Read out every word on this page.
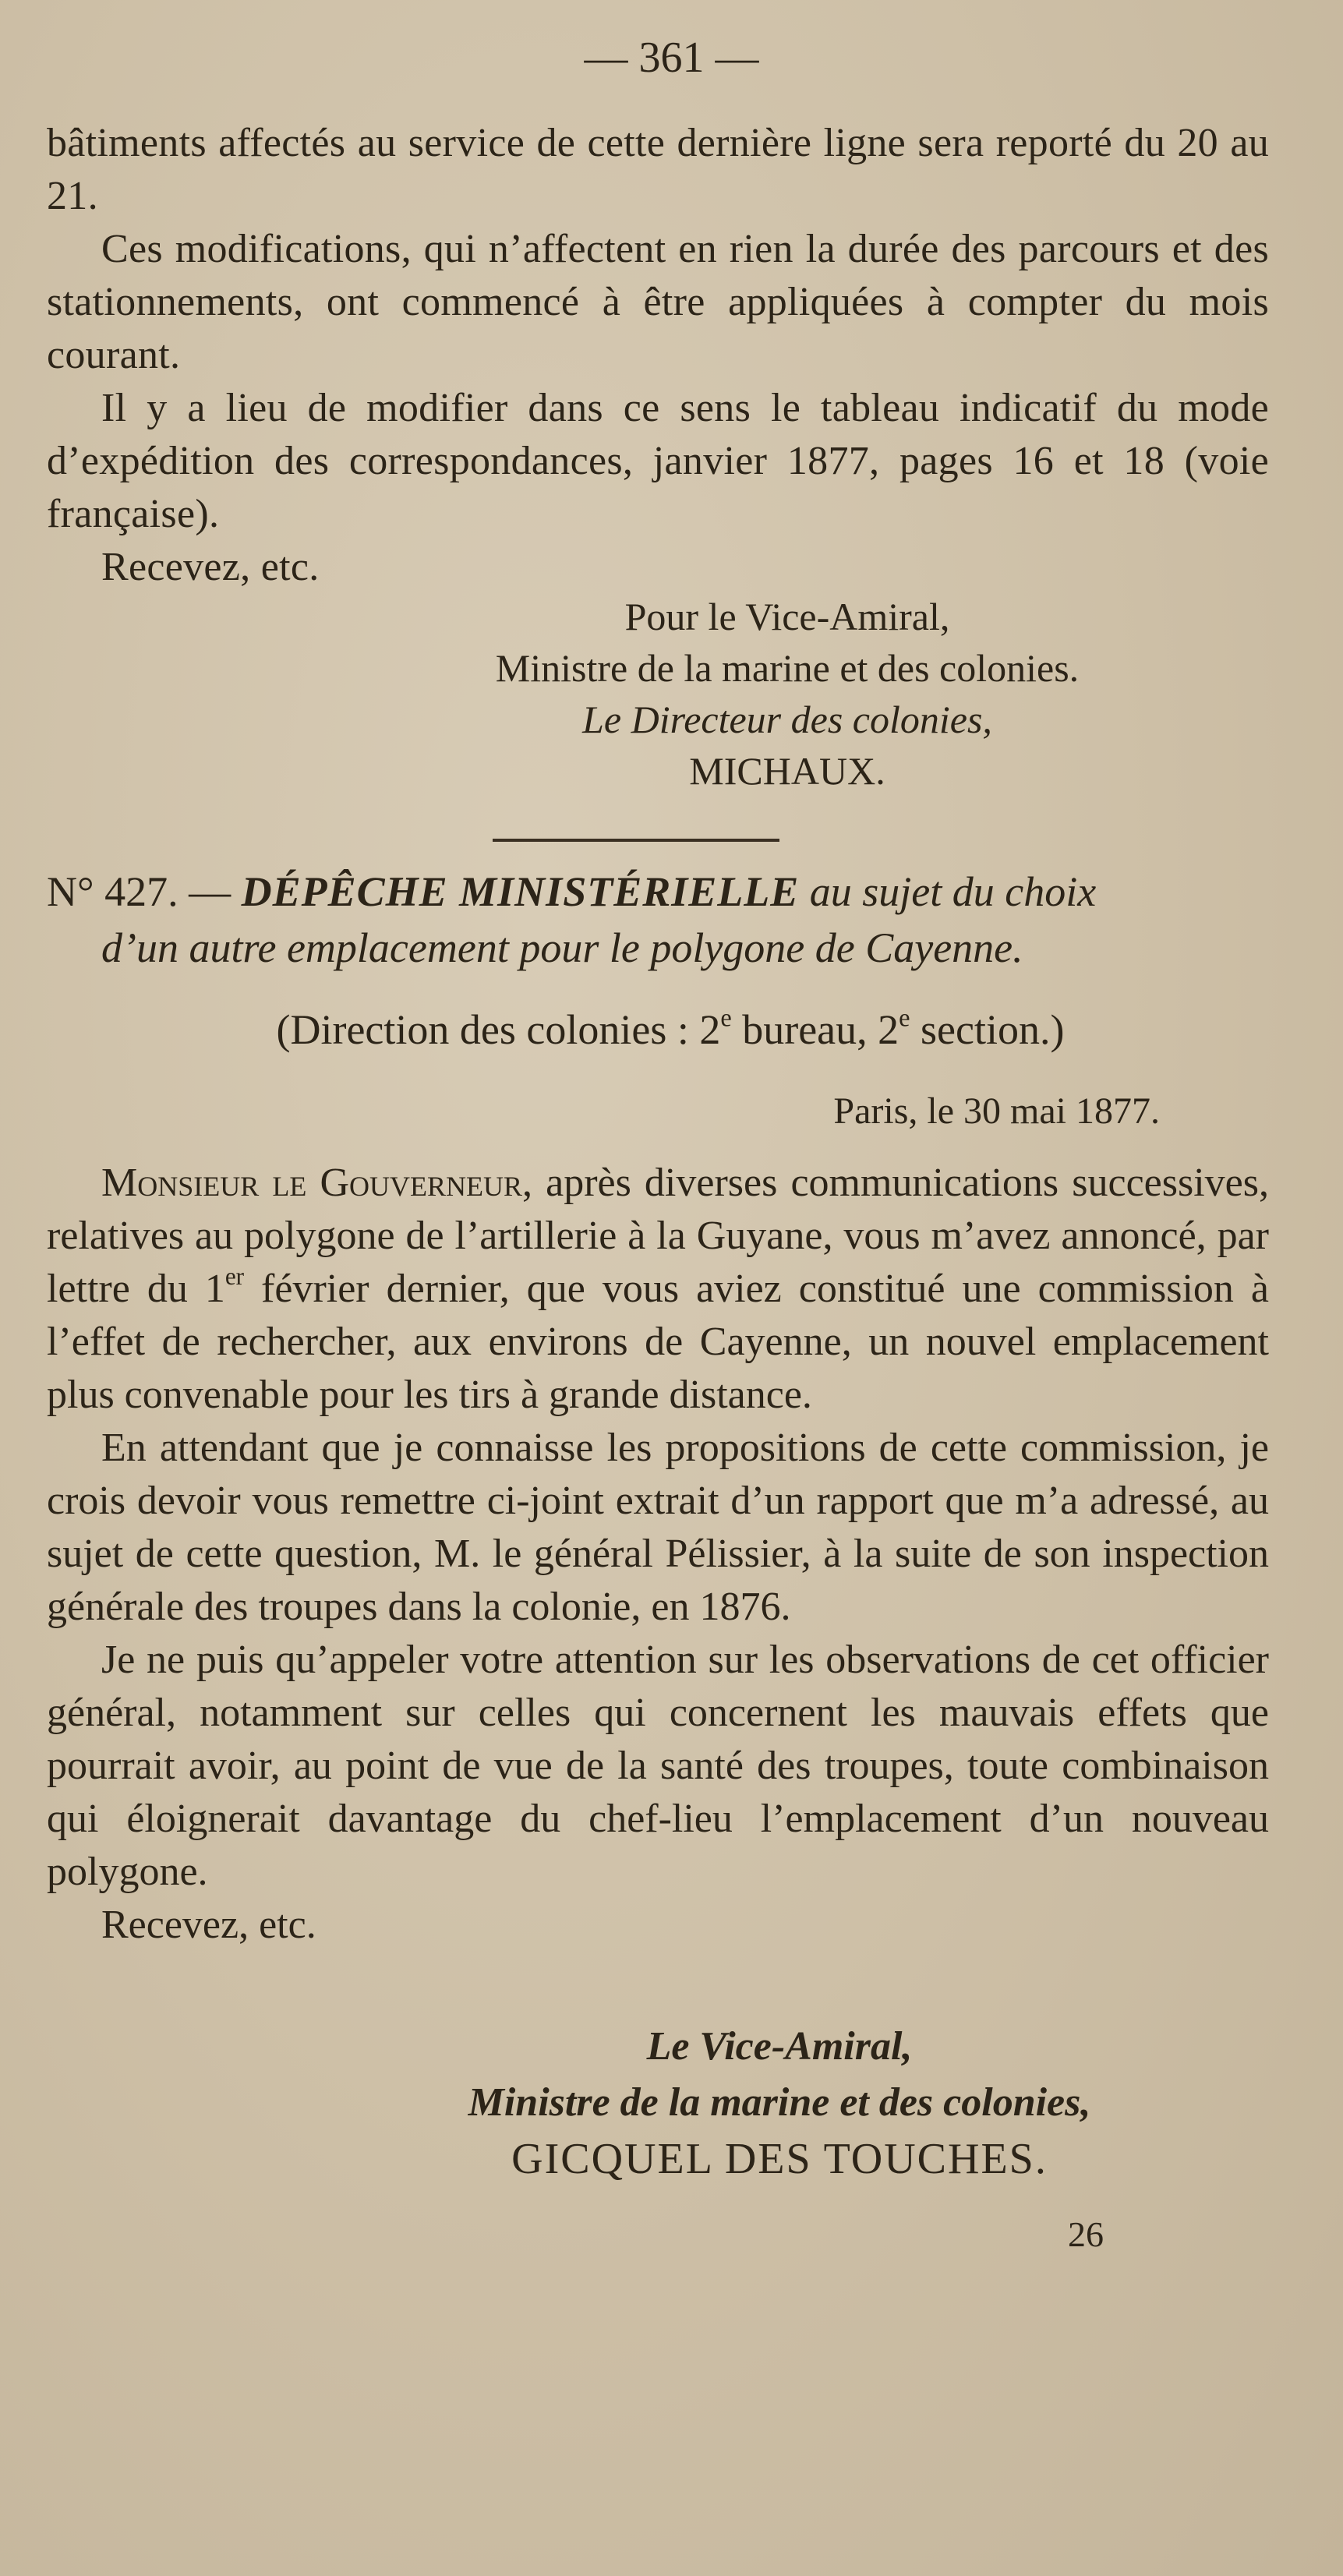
— 361 —

bâtiments affectés au service de cette dernière ligne sera reporté du 20 au 21.

Ces modifications, qui n’affectent en rien la durée des parcours et des stationnements, ont commencé à être appliquées à compter du mois courant.

Il y a lieu de modifier dans ce sens le tableau indicatif du mode d’expédition des correspondances, janvier 1877, pages 16 et 18 (voie française).

Recevez, etc.

Pour le Vice-Amiral,
Ministre de la marine et des colonies.
Le Directeur des colonies,
MICHAUX.
N° 427. — DÉPÊCHE MINISTÉRIELLE au sujet du choix
d’un autre emplacement pour le polygone de Cayenne.
(Direction des colonies : 2e bureau, 2e section.)
Paris, le 30 mai 1877.

Monsieur le Gouverneur, après diverses communications successives, relatives au polygone de l’artillerie à la Guyane, vous m’avez annoncé, par lettre du 1er février dernier, que vous aviez constitué une commission à l’effet de rechercher, aux environs de Cayenne, un nouvel emplacement plus convenable pour les tirs à grande distance.

En attendant que je connaisse les propositions de cette commission, je crois devoir vous remettre ci-joint extrait d’un rapport que m’a adressé, au sujet de cette question, M. le général Pélissier, à la suite de son inspection générale des troupes dans la colonie, en 1876.

Je ne puis qu’appeler votre attention sur les observations de cet officier général, notamment sur celles qui concernent les mauvais effets que pourrait avoir, au point de vue de la santé des troupes, toute combinaison qui éloignerait davantage du chef-lieu l’emplacement d’un nouveau polygone.

Recevez, etc.

Le Vice-Amiral,
Ministre de la marine et des colonies,
GICQUEL DES TOUCHES.
26
